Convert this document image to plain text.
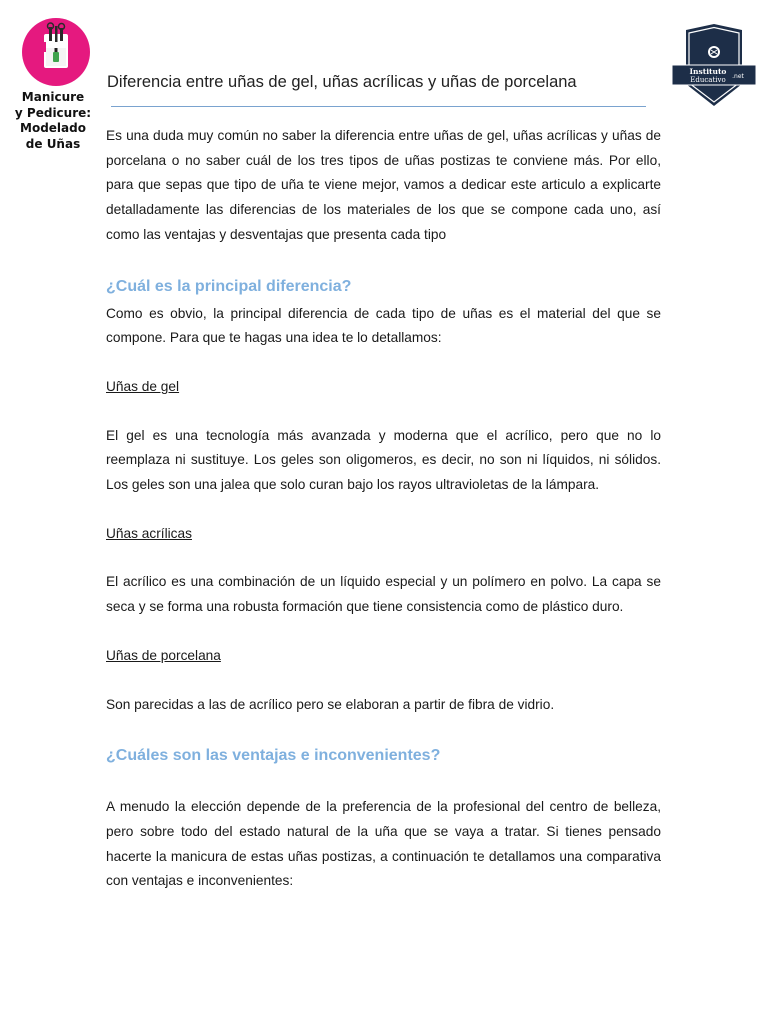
Manicure
y Pedicure:
Modelado
de Uñas
Instituto
Educativo .net
Diferencia entre uñas de gel, uñas acrílicas y uñas de porcelana

Es una duda muy común no saber la diferencia entre uñas de gel, uñas acrílicas y uñas de porcelana o no saber cuál de los tres tipos de uñas postizas te conviene más. Por ello, para que sepas que tipo de uña te viene mejor, vamos a dedicar este articulo a explicarte detalladamente las diferencias de los materiales de los que se compone cada uno, así como las ventajas y desventajas que presenta cada tipo

¿Cuál es la principal diferencia?

Como es obvio, la principal diferencia de cada tipo de uñas es el material del que se compone. Para que te hagas una idea te lo detallamos:

Uñas de gel

El gel es una tecnología más avanzada y moderna que el acrílico, pero que no lo reemplaza ni sustituye. Los geles son oligomeros, es decir, no son ni líquidos, ni sólidos. Los geles son una jalea que solo curan bajo los rayos ultravioletas de la lámpara.

Uñas acrílicas

El acrílico es una combinación de un líquido especial y un polímero en polvo. La capa se seca y se forma una robusta formación que tiene consistencia como de plástico duro.

Uñas de porcelana

Son parecidas a las de acrílico pero se elaboran a partir de fibra de vidrio.

¿Cuáles son las ventajas e inconvenientes?

A menudo la elección depende de la preferencia de la profesional del centro de belleza, pero sobre todo del estado natural de la uña que se vaya a tratar. Si tienes pensado hacerte la manicura de estas uñas postizas, a continuación te detallamos una comparativa con ventajas e inconvenientes:
